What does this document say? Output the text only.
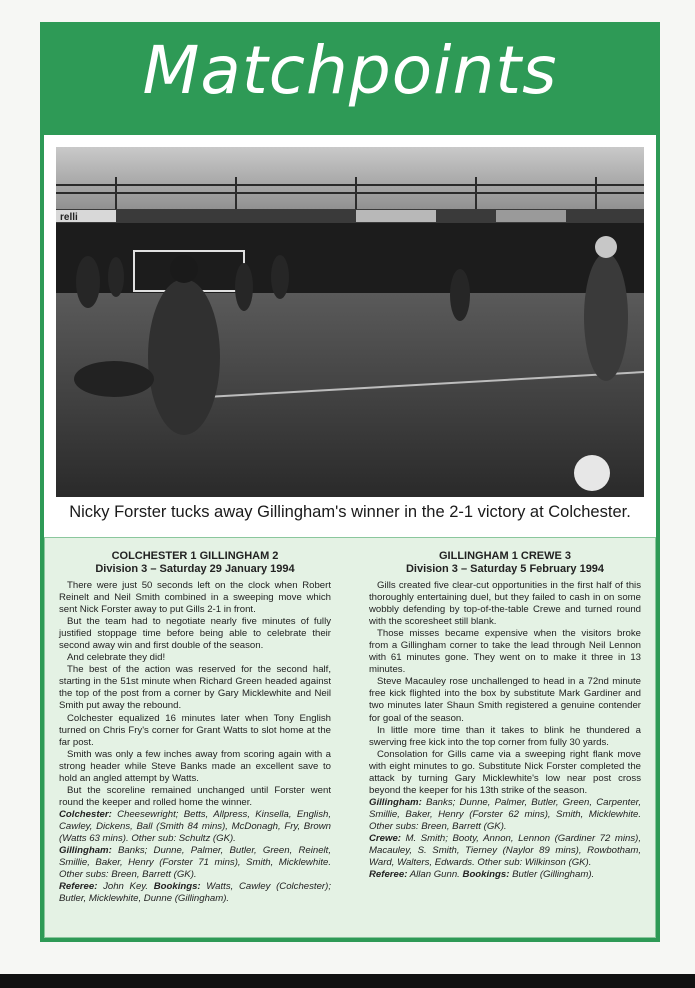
Matchpoints
relli
Nicky Forster tucks away Gillingham's winner in the 2-1 victory at Colchester.
COLCHESTER 1 GILLINGHAM 2
Division 3 – Saturday 29 January 1994

There were just 50 seconds left on the clock when Robert Reinelt and Neil Smith combined in a sweeping move which sent Nick Forster away to put Gills 2-1 in front.

But the team had to negotiate nearly five minutes of fully justified stoppage time before being able to celebrate their second away win and first double of the season.

And celebrate they did!

The best of the action was reserved for the second half, starting in the 51st minute when Richard Green headed against the top of the post from a corner by Gary Micklewhite and Neil Smith put away the rebound.

Colchester equalized 16 minutes later when Tony English turned on Chris Fry's corner for Grant Watts to slot home at the far post.

Smith was only a few inches away from scoring again with a strong header while Steve Banks made an excellent save to hold an angled attempt by Watts.

But the scoreline remained unchanged until Forster went round the keeper and rolled home the winner.

Colchester: Cheesewright; Betts, Allpress, Kinsella, English, Cawley, Dickens, Ball (Smith 84 mins), McDonagh, Fry, Brown (Watts 63 mins). Other sub: Schultz (GK).

Gillingham: Banks; Dunne, Palmer, Butler, Green, Reinelt, Smillie, Baker, Henry (Forster 71 mins), Smith, Micklewhite. Other subs: Breen, Barrett (GK).

Referee: John Key. Bookings: Watts, Cawley (Colchester); Butler, Micklewhite, Dunne (Gillingham).

GILLINGHAM 1 CREWE 3
Division 3 – Saturday 5 February 1994

Gills created five clear-cut opportunities in the first half of this thoroughly entertaining duel, but they failed to cash in on some wobbly defending by top-of-the-table Crewe and turned round with the scoresheet still blank.

Those misses became expensive when the visitors broke from a Gillingham corner to take the lead through Neil Lennon with 61 minutes gone. They went on to make it three in 13 minutes.

Steve Macauley rose unchallenged to head in a 72nd minute free kick flighted into the box by substitute Mark Gardiner and two minutes later Shaun Smith registered a genuine contender for goal of the season.

In little more time than it takes to blink he thundered a swerving free kick into the top corner from fully 30 yards.

Consolation for Gills came via a sweeping right flank move with eight minutes to go. Substitute Nick Forster completed the attack by turning Gary Micklewhite's low near post cross beyond the keeper for his 13th strike of the season.

Gillingham: Banks; Dunne, Palmer, Butler, Green, Carpenter, Smillie, Baker, Henry (Forster 62 mins), Smith, Micklewhite. Other subs: Breen, Barrett (GK).

Crewe: M. Smith; Booty, Annon, Lennon (Gardiner 72 mins), Macauley, S. Smith, Tierney (Naylor 89 mins), Rowbotham, Ward, Walters, Edwards. Other sub: Wilkinson (GK).

Referee: Allan Gunn. Bookings: Butler (Gillingham).
